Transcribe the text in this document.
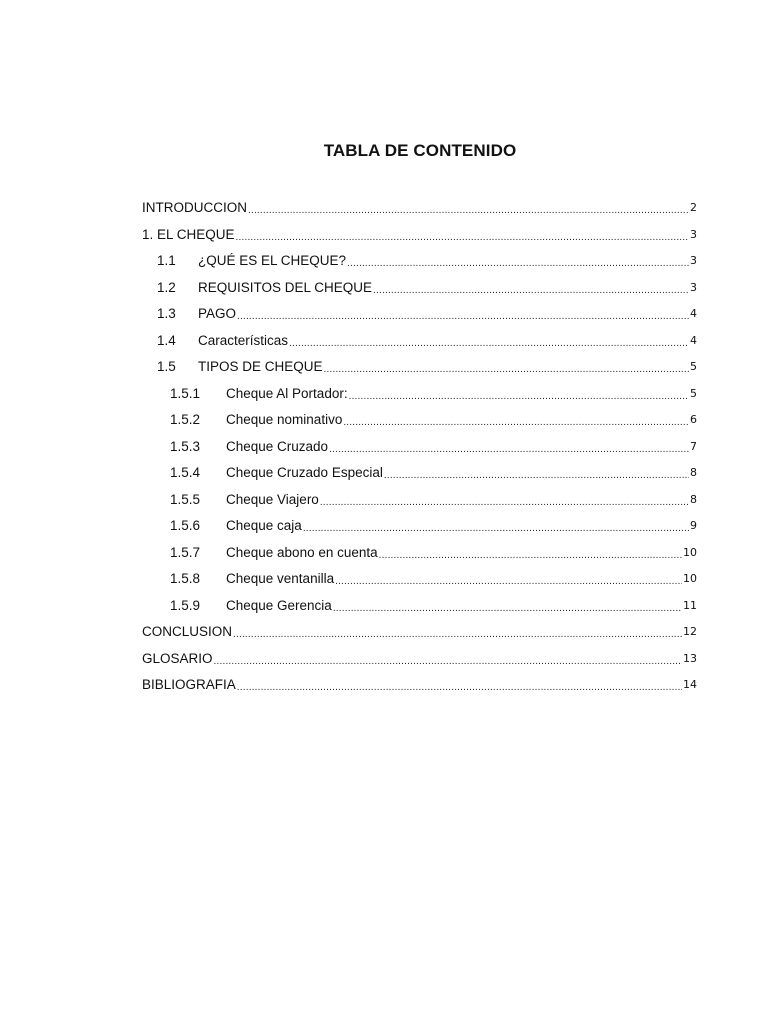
TABLA DE CONTENIDO
INTRODUCCION .....	2
1. EL CHEQUE .....	3
1.1	¿QUÉ ES EL CHEQUE? .....	3
1.2	REQUISITOS DEL CHEQUE .....	3
1.3	PAGO .....	4
1.4	Características .....	4
1.5	TIPOS DE CHEQUE .....	5
1.5.1	Cheque Al Portador: .....	5
1.5.2	Cheque nominativo .....	6
1.5.3	Cheque Cruzado .....	7
1.5.4	Cheque Cruzado Especial .....	8
1.5.5	Cheque Viajero .....	8
1.5.6	Cheque caja .....	9
1.5.7	Cheque abono en cuenta .....	10
1.5.8	Cheque ventanilla .....	10
1.5.9	Cheque Gerencia .....	11
CONCLUSION .....	12
GLOSARIO .....	13
BIBLIOGRAFIA .....	14
